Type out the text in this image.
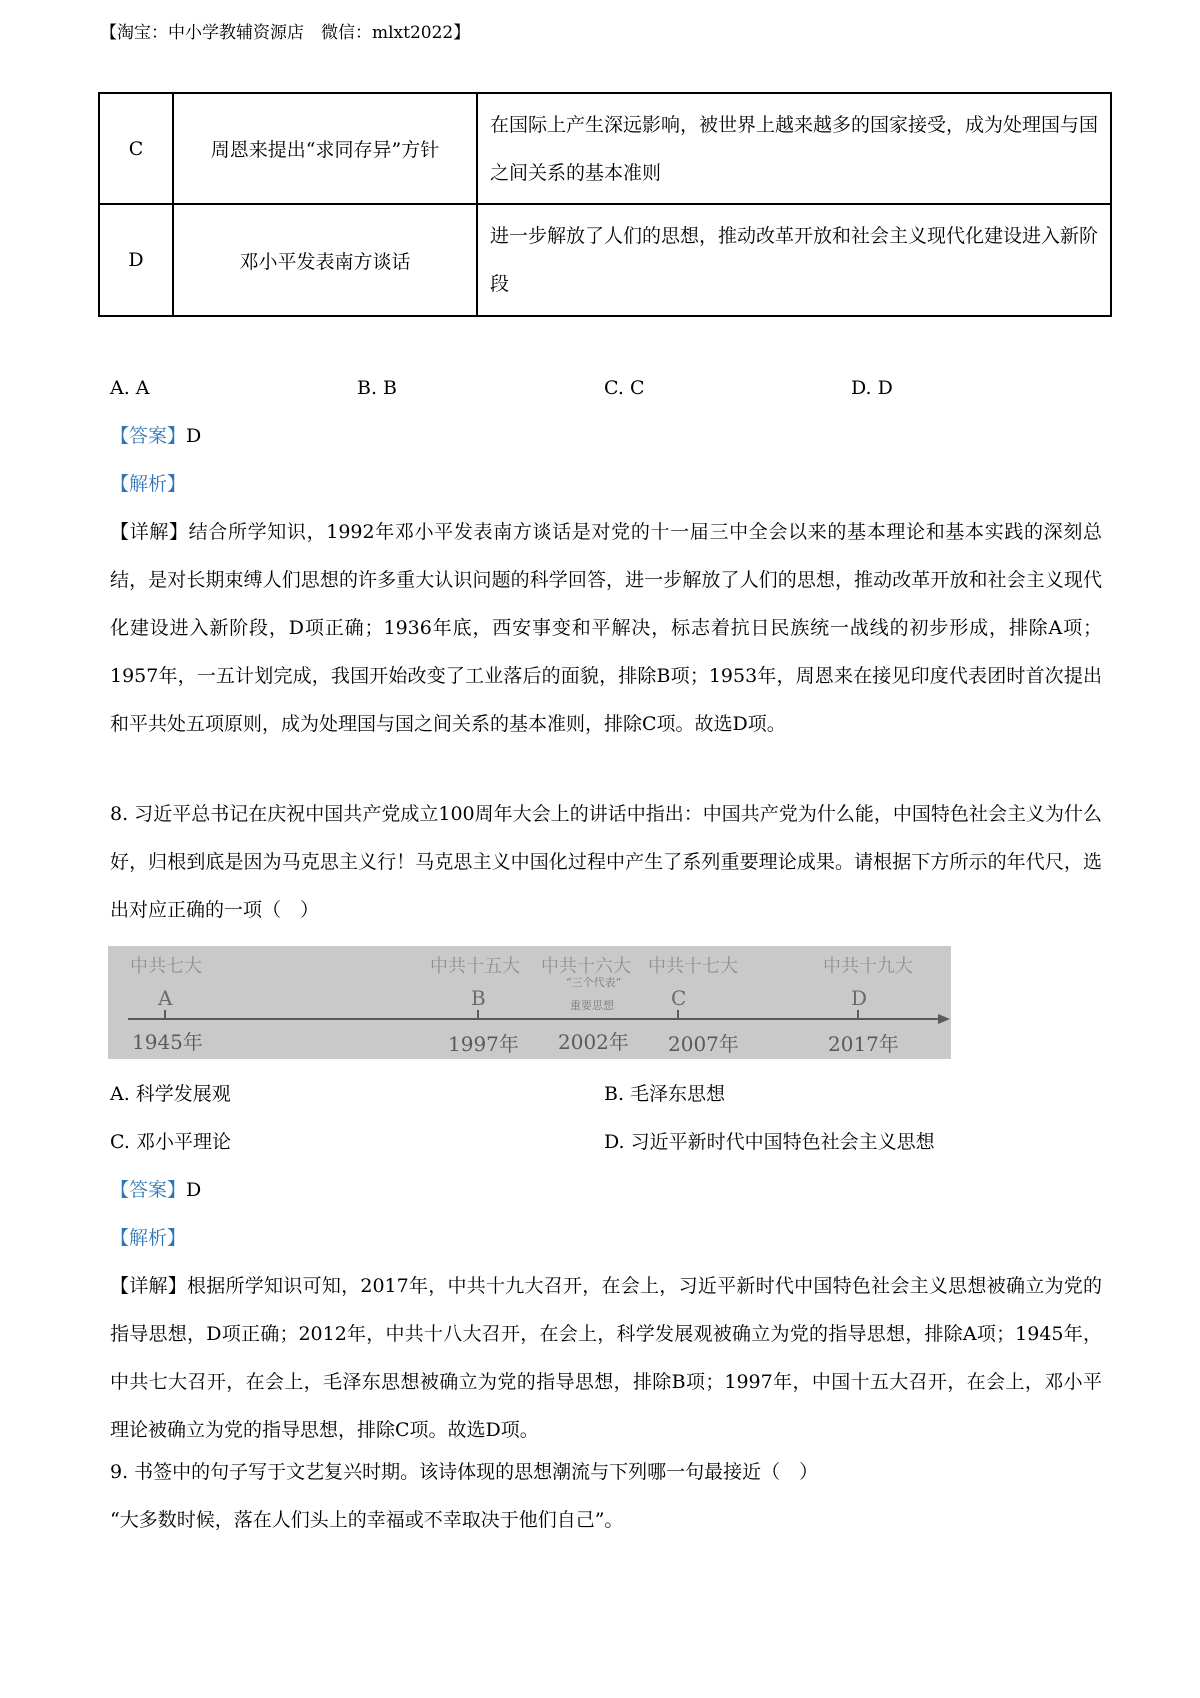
【淘宝：中小学教辅资源店　微信：mlxt2022】
C	周恩来提出“求同存异”方针	在国际上产生深远影响，被世界上越来越多的国家接受，成为处理国与国之间关系的基本准则
D	邓小平发表南方谈话	进一步解放了人们的思想，推动改革开放和社会主义现代化建设进入新阶段
A. A	B. B	C. C	D. D
【答案】D
【解析】
【详解】结合所学知识，1992年邓小平发表南方谈话是对党的十一届三中全会以来的基本理论和基本实践的深刻总结，是对长期束缚人们思想的许多重大认识问题的科学回答，进一步解放了人们的思想，推动改革开放和社会主义现代化建设进入新阶段，D项正确；1936年底，西安事变和平解决，标志着抗日民族统一战线的初步形成，排除A项；1957年，一五计划完成，我国开始改变了工业落后的面貌，排除B项；1953年，周恩来在接见印度代表团时首次提出和平共处五项原则，成为处理国与国之间关系的基本准则，排除C项。故选D项。
8. 习近平总书记在庆祝中国共产党成立100周年大会上的讲话中指出：中国共产党为什么能，中国特色社会主义为什么好，归根到底是因为马克思主义行！马克思主义中国化过程中产生了系列重要理论成果。请根据下方所示的年代尺，选出对应正确的一项（　）
中共七大	中共十五大 中共十六大 中共十七大	中共十九大
“三个代表”
重要思想
A	B	C	D
1945年	1997年 2002年 2007年	2017年
A. 科学发展观	B. 毛泽东思想
C. 邓小平理论	D. 习近平新时代中国特色社会主义思想
【答案】D
【解析】
【详解】根据所学知识可知，2017年，中共十九大召开，在会上，习近平新时代中国特色社会主义思想被确立为党的指导思想，D项正确；2012年，中共十八大召开，在会上，科学发展观被确立为党的指导思想，排除A项；1945年，中共七大召开，在会上，毛泽东思想被确立为党的指导思想，排除B项；1997年，中国十五大召开，在会上，邓小平理论被确立为党的指导思想，排除C项。故选D项。
9. 书签中的句子写于文艺复兴时期。该诗体现的思想潮流与下列哪一句最接近（　）
“大多数时候，落在人们头上的幸福或不幸取决于他们自己”。
